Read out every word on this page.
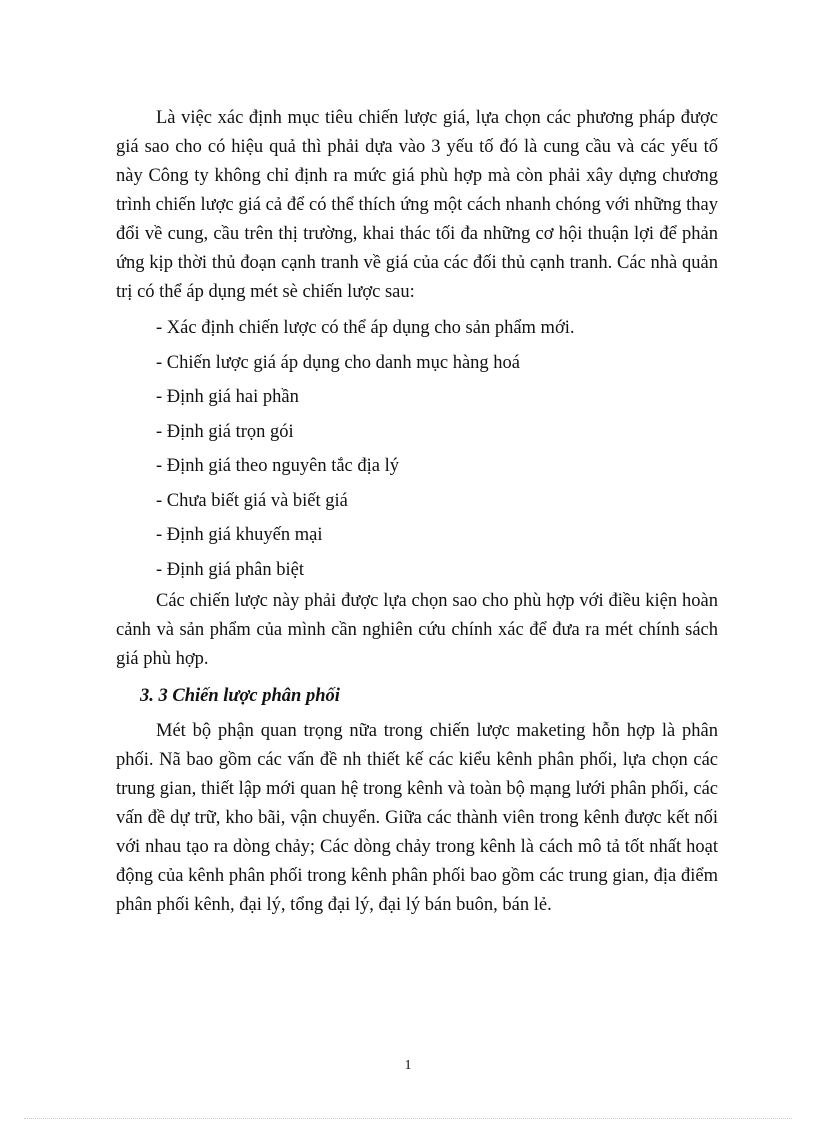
Là việc xác định mục tiêu chiến lược giá, lựa chọn các phương pháp được giá sao cho có hiệu quả thì phải dựa vào 3 yếu tố đó là cung cầu và các yếu tố này Công ty không chỉ định ra mức giá phù hợp mà còn phải xây dựng chương trình chiến lược giá cả để có thể thích ứng một cách nhanh chóng với những thay đổi về cung, cầu trên thị trường, khai thác tối đa những cơ hội thuận lợi để phản ứng kịp thời thủ đoạn cạnh tranh về giá của các đối thủ cạnh tranh. Các nhà quản trị có thể áp dụng mét sè chiến lược sau:

- Xác định chiến lược có thể áp dụng cho sản phẩm mới.
- Chiến lược giá áp dụng cho danh mục hàng hoá
- Định giá hai phần
- Định giá trọn gói
- Định giá theo nguyên tắc địa lý
- Chưa biết giá và biết giá
- Định giá khuyến mại
- Định giá phân biệt

Các chiến lược này phải được lựa chọn sao cho phù hợp với điều kiện hoàn cảnh và sản phẩm của mình cần nghiên cứu chính xác để đưa ra mét chính sách giá phù hợp.

3. 3 Chiến lược phân phối

Mét bộ phận quan trọng nữa trong chiến lược maketing hỗn hợp là phân phối. Nã bao gồm các vấn đề nh thiết kế các kiểu kênh phân phối, lựa chọn các trung gian, thiết lập mới quan hệ trong kênh và toàn bộ mạng lưới phân phối, các vấn đề dự trữ, kho bãi, vận chuyển. Giữa các thành viên trong kênh được kết nối với nhau tạo ra dòng chảy; Các dòng chảy trong kênh là cách mô tả tốt nhất hoạt động của kênh phân phối trong kênh phân phối bao gồm các trung gian, địa điểm phân phối kênh, đại lý, tổng đại lý, đại lý bán buôn, bán lẻ.

1
